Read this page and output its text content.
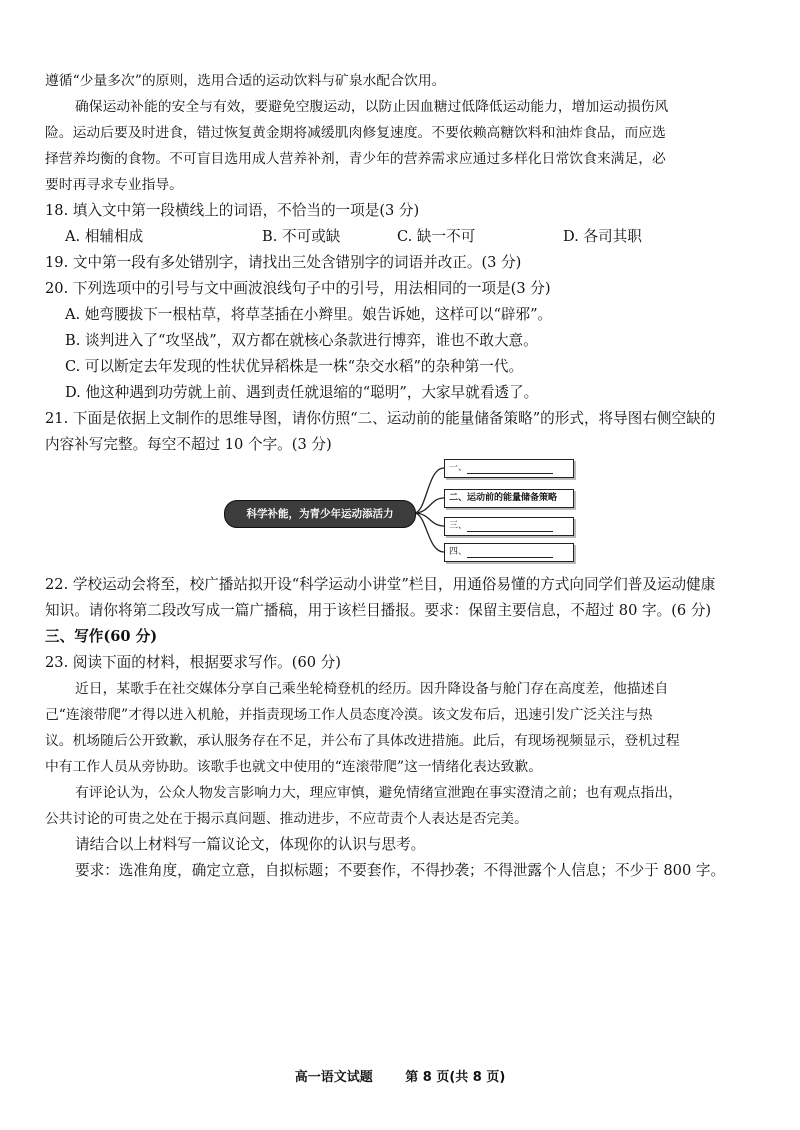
遵循“少量多次”的原则，选用合适的运动饮料与矿泉水配合饮用。
确保运动补能的安全与有效，要避免空腹运动，以防止因血糖过低降低运动能力，增加运动损伤风
险。运动后要及时进食，错过恢复黄金期将减缓肌肉修复速度。不要依赖高糖饮料和油炸食品，而应选
择营养均衡的食物。不可盲目选用成人营养补剂，青少年的营养需求应通过多样化日常饮食来满足，必
要时再寻求专业指导。
18. 填入文中第一段横线上的词语，不恰当的一项是(3 分)
A. 相辅相成	B. 不可或缺	C. 缺一不可	D. 各司其职
19. 文中第一段有多处错别字，请找出三处含错别字的词语并改正。(3 分)
20. 下列选项中的引号与文中画波浪线句子中的引号，用法相同的一项是(3 分)
A. 她弯腰拔下一根枯草，将草茎插在小辫里。娘告诉她，这样可以“辟邪”。
B. 谈判进入了“攻坚战”，双方都在就核心条款进行博弈，谁也不敢大意。
C. 可以断定去年发现的性状优异稻株是一株“杂交水稻”的杂种第一代。
D. 他这种遇到功劳就上前、遇到责任就退缩的“聪明”，大家早就看透了。
21. 下面是依据上文制作的思维导图，请你仿照“二、运动前的能量储备策略”的形式，将导图右侧空缺的
内容补写完整。每空不超过 10 个字。(3 分)
科学补能，为青少年运动添活力
一、
二、运动前的能量储备策略
三、
四、
22. 学校运动会将至，校广播站拟开设“科学运动小讲堂”栏目，用通俗易懂的方式向同学们普及运动健康
知识。请你将第二段改写成一篇广播稿，用于该栏目播报。要求：保留主要信息，不超过 80 字。(6 分)
三、写作(60 分)
23. 阅读下面的材料，根据要求写作。(60 分)
近日，某歌手在社交媒体分享自己乘坐轮椅登机的经历。因升降设备与舱门存在高度差，他描述自
己“连滚带爬”才得以进入机舱，并指责现场工作人员态度冷漠。该文发布后，迅速引发广泛关注与热
议。机场随后公开致歉，承认服务存在不足，并公布了具体改进措施。此后，有现场视频显示，登机过程
中有工作人员从旁协助。该歌手也就文中使用的“连滚带爬”这一情绪化表达致歉。
有评论认为，公众人物发言影响力大，理应审慎，避免情绪宣泄跑在事实澄清之前；也有观点指出，
公共讨论的可贵之处在于揭示真问题、推动进步，不应苛责个人表达是否完美。
请结合以上材料写一篇议论文，体现你的认识与思考。
要求：选准角度，确定立意，自拟标题；不要套作，不得抄袭；不得泄露个人信息；不少于 800 字。
高一语文试题	第 8 页(共 8 页)
